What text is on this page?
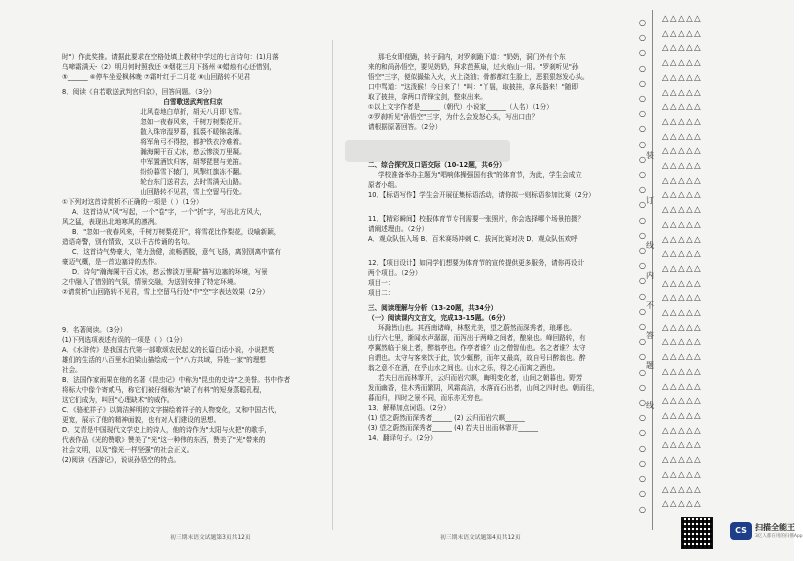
时"）作此奖推。请据此要求在空格处填上教材中学过的七言诗句：(1)月落
乌啼霜满天-（2）明月何时照我还 ③烟花三月下扬州 ④蜡烛有心还惜别，
⑤______ ⑥停车坐爱枫林晚 ⑦霜叶红于二月花 ⑧山回路转不见君
8．阅读《自若歌送武判官归京》，回答问题。（3分）
白雪歌送武判官归京
北风卷地白草折，胡天八月即飞雪。
忽如一夜春风来，千树万树梨花开。
散入珠帘湿罗幕，狐裘不暖锦衾薄。
将军角弓不得控，都护铁衣冷难着。
瀚海阑干百丈冰，愁云惨淡万里凝。
中军置酒饮归客，胡琴琵琶与羌笛。
纷纷暮雪下辕门，风掣红旗冻不翻。
轮台东门送君去，去时雪满天山路。
山回路转不见君，雪上空留马行处。
①下列对这首诗赏析不正确的一项是（ ）（1分）
A．这首诗从"风"写起，一个"卷"字，一个"折"字，写出北方风大，
风之猛，表现出北地寒风的凛冽。
B．"忽如一夜春风来，千树万树梨花开"，将雪花比作梨花，设喻新颖，
造语奇警，别有情致，又以千古传诵的名句。
C．这首诗气势豪大，笔力劲健，流畅洒脱，意气飞扬，离别别离中富有
豪迈气概，是一首边塞诗的杰作。
D．诗句"瀚海阑干百丈冰，愁云惨淡万里凝"描写边塞的环境，写景
之中融入了惜别的气氛，情景交融，为送别安排了特定环境。
②请赏析"山回路转不见君，雪上空留马行处"中"空"字表达效果（2分）
9．名著阅读。（3分）
(1)下列选项表述有误的一项是（ ）（1分）
A．《水浒传》是我国古代第一部歌颂农民起义的长篇白话小说，小说把英
雄们的生活的八百里水泊梁山描绘成一个"八方共域，异姓一家"的理想
社会。
B．法国作家雨果在他的名著《昆虫记》中称为"昆虫的史诗"之美誉。书中作者
将标大中像个寄贰马，称它们被仔细称为"缺了有料"的短身蒸聪孔程，
这它们成为，叫回"心理缺术"的威作。
C．《骆驼祥子》以简洁鲜明的文字描绘着祥子的人物变化，又和中国古代，
更宽，展示了他的精神面貌，也有对人们建设的思想。
D．艾青是中国现代文学史上的诗人，他的诗作为"太阳与火把"的歌手，
代表作品《光的赞歌》赞美了"光"这一种伟的东西，赞美了"光"带来的
社会文明，以及"像光一样坚强"的社会正义。
(2)阅读《西游记》，说说孙悟空的特点。
那毛女即便跪，转于洞内，对罗刹跪下道："奶奶，洞门外有个东
来的和尚孙悟空，要见奶奶，拜求芭蕉扇，过火焰山一用。"罗刹听见"孙
悟空"三字，便似撮盐入火，火上浇油；骨都都红生脸上，恶狠狠怒发心头。
口中骂道："这泼猴！今日来了！"叫："丫鬟，取披挂，拿兵器来！"随即
取了披挂，拿两口青锋宝剑，整束出来。
①以上文字作者是______（朝代）小说家______（人名）（1分）
②罗刹听见"孙悟空"三字，为什么会发怒心头，写出口由？
请根据原著回答。（2分）
二、综合探究及口语交际（10-12题，共6分）
学校准备举办主题为"唱响体操强国有我"的体育节，为此，学生会成立
原者小组。
10．【标语写作】学生会开展征集标语活动，请你拟一则标语参加比赛（2分）
11．【精彩瞬间】校报体育节专刊需要一张照片，你会选择哪个场景拍摄？
请阐述理由。（2分）
A．观众队伍入场 B．百米赛场冲刺 C．拔河比赛对决 D．观众队伍欢呼
12．【项目设计】如同学们想要为体育节的宣传提供更多服务，请你再设计
两个项目。（2分）
项目一：
项目二：
三、阅读理解与分析（13-20题，共34分）
（一）阅读课内文言文，完成13-15题。（6分）
环滁皆山也。其西南诸峰，林壑尤美，望之蔚然而深秀者，琅琊也。
山行六七里，渐闻水声潺潺，而泻出于两峰之间者，酿泉也。峰回路转，有
亭翼然临于泉上者，醉翁亭也。作亭者谁？山之僧智仙也。名之者谁？太守
自谓也。太守与客来饮于此，饮少辄醉，而年又最高，故自号曰醉翁也。醉
翁之意不在酒，在乎山水之间也。山水之乐，得之心而寓之酒也。
若夫日出而林霏开，云归而岩穴暝，晦明变化者，山间之朝暮也。野芳
发而幽香，佳木秀而繁阴，风霜高洁，水落而石出者，山间之四时也。朝而往，
暮而归，四时之景不同，而乐亦无穷也。
13．解释加点词语。（2分）
(1) 望之蔚然而深秀者______ (2) 云归而岩穴暝______
(3) 望之蔚然而深秀者______ (4) 若夫日出而林霏开______
14．翻译句子。（2分）
初三期末语文试题第3页共12页	初三期末语文试题第4页共12页
○
○
○
○
○
○
○
○
○
○
○
○
○
○
○
○
○
○
○
○
○
○
○
○
○
○
○
○
○
○
○
○
○
装
订
线
内
不
答
题
线
△△△△△
△△△△△
△△△△△
△△△△△
△△△△△
△△△△△
△△△△△
△△△△△
△△△△△
△△△△△
△△△△△
△△△△△
△△△△△
△△△△△
△△△△△
△△△△△
△△△△△
△△△△△
△△△△△
△△△△△
△△△△△
△△△△△
△△△△△
△△△△△
△△△△△
△△△△△
△△△△△
△△△△△
△△△△△
△△△△△
△△△△△
△△△△△
△△△△△
△△△△△
CS	扫描全能王
3亿人都在用的扫描App
